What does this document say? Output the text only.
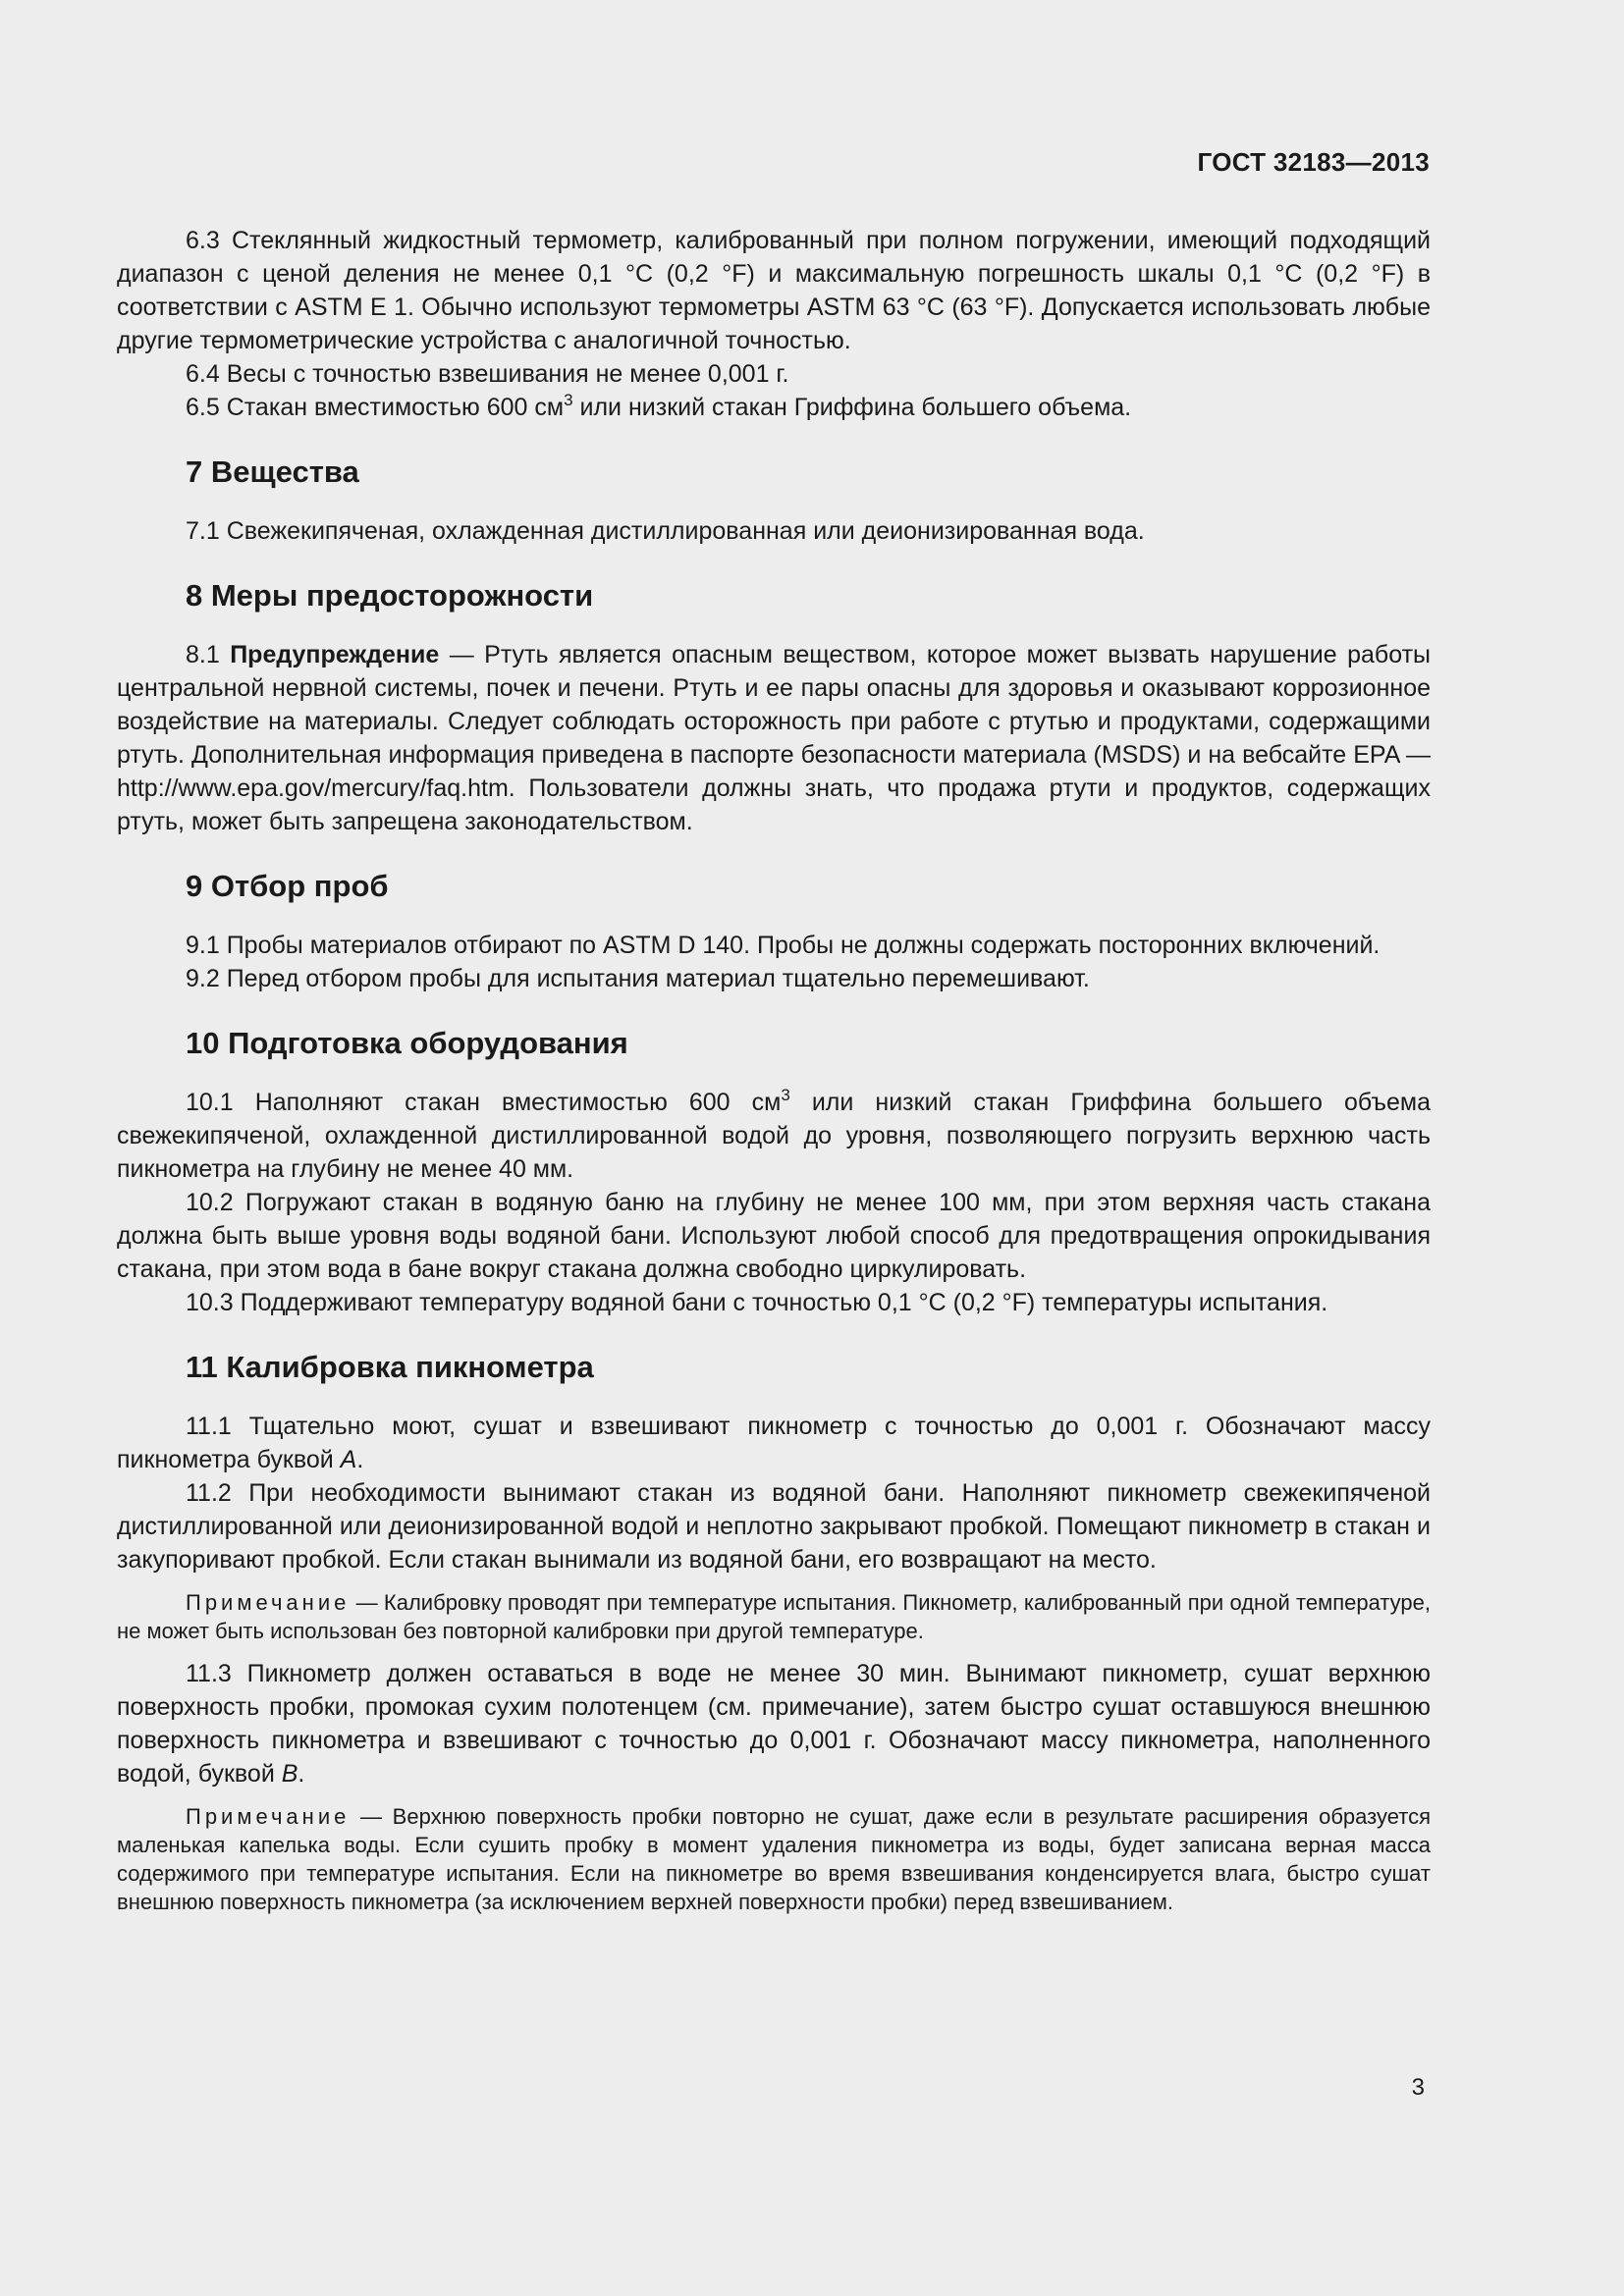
ГОСТ 32183—2013

6.3 Стеклянный жидкостный термометр, калиброванный при полном погружении, имеющий подходящий диапазон с ценой деления не менее 0,1 °C (0,2 °F) и максимальную погрешность шкалы 0,1 °C (0,2 °F) в соответствии с ASTM E 1. Обычно используют термометры ASTM 63 °C (63 °F). Допускается использовать любые другие термометрические устройства с аналогичной точностью.

6.4 Весы с точностью взвешивания не менее 0,001 г.

6.5 Стакан вместимостью 600 $см^3$ или низкий стакан Гриффина большего объема.

7 Вещества

7.1 Свежекипяченая, охлажденная дистиллированная или деионизированная вода.

8 Меры предосторожности

8.1 Предупреждение — Ртуть является опасным веществом, которое может вызвать нарушение работы центральной нервной системы, почек и печени. Ртуть и ее пары опасны для здоровья и оказывают коррозионное воздействие на материалы. Следует соблюдать осторожность при работе с ртутью и продуктами, содержащими ртуть. Дополнительная информация приведена в паспорте безопасности материала (MSDS) и на вебсайте EPA — http://www.epa.gov/mercury/faq.htm. Пользователи должны знать, что продажа ртути и продуктов, содержащих ртуть, может быть запрещена законодательством.

9 Отбор проб

9.1 Пробы материалов отбирают по ASTM D 140. Пробы не должны содержать посторонних включений.

9.2 Перед отбором пробы для испытания материал тщательно перемешивают.

10 Подготовка оборудования

10.1 Наполняют стакан вместимостью 600 $см^3$ или низкий стакан Гриффина большего объема свежекипяченой, охлажденной дистиллированной водой до уровня, позволяющего погрузить верхнюю часть пикнометра на глубину не менее 40 мм.

10.2 Погружают стакан в водяную баню на глубину не менее 100 мм, при этом верхняя часть стакана должна быть выше уровня воды водяной бани. Используют любой способ для предотвращения опрокидывания стакана, при этом вода в бане вокруг стакана должна свободно циркулировать.

10.3 Поддерживают температуру водяной бани с точностью 0,1 °C (0,2 °F) температуры испытания.

11 Калибровка пикнометра

11.1 Тщательно моют, сушат и взвешивают пикнометр с точностью до 0,001 г. Обозначают массу пикнометра буквой A.

11.2 При необходимости вынимают стакан из водяной бани. Наполняют пикнометр свежекипяченой дистиллированной или деионизированной водой и неплотно закрывают пробкой. Помещают пикнометр в стакан и закупоривают пробкой. Если стакан вынимали из водяной бани, его возвращают на место.

Примечание — Калибровку проводят при температуре испытания. Пикнометр, калиброванный при одной температуре, не может быть использован без повторной калибровки при другой температуре.

11.3 Пикнометр должен оставаться в воде не менее 30 мин. Вынимают пикнометр, сушат верхнюю поверхность пробки, промокая сухим полотенцем (см. примечание), затем быстро сушат оставшуюся внешнюю поверхность пикнометра и взвешивают с точностью до 0,001 г. Обозначают массу пикнометра, наполненного водой, буквой B.

Примечание — Верхнюю поверхность пробки повторно не сушат, даже если в результате расширения образуется маленькая капелька воды. Если сушить пробку в момент удаления пикнометра из воды, будет записана верная масса содержимого при температуре испытания. Если на пикнометре во время взвешивания конденсируется влага, быстро сушат внешнюю поверхность пикнометра (за исключением верхней поверхности пробки) перед взвешиванием.

3
